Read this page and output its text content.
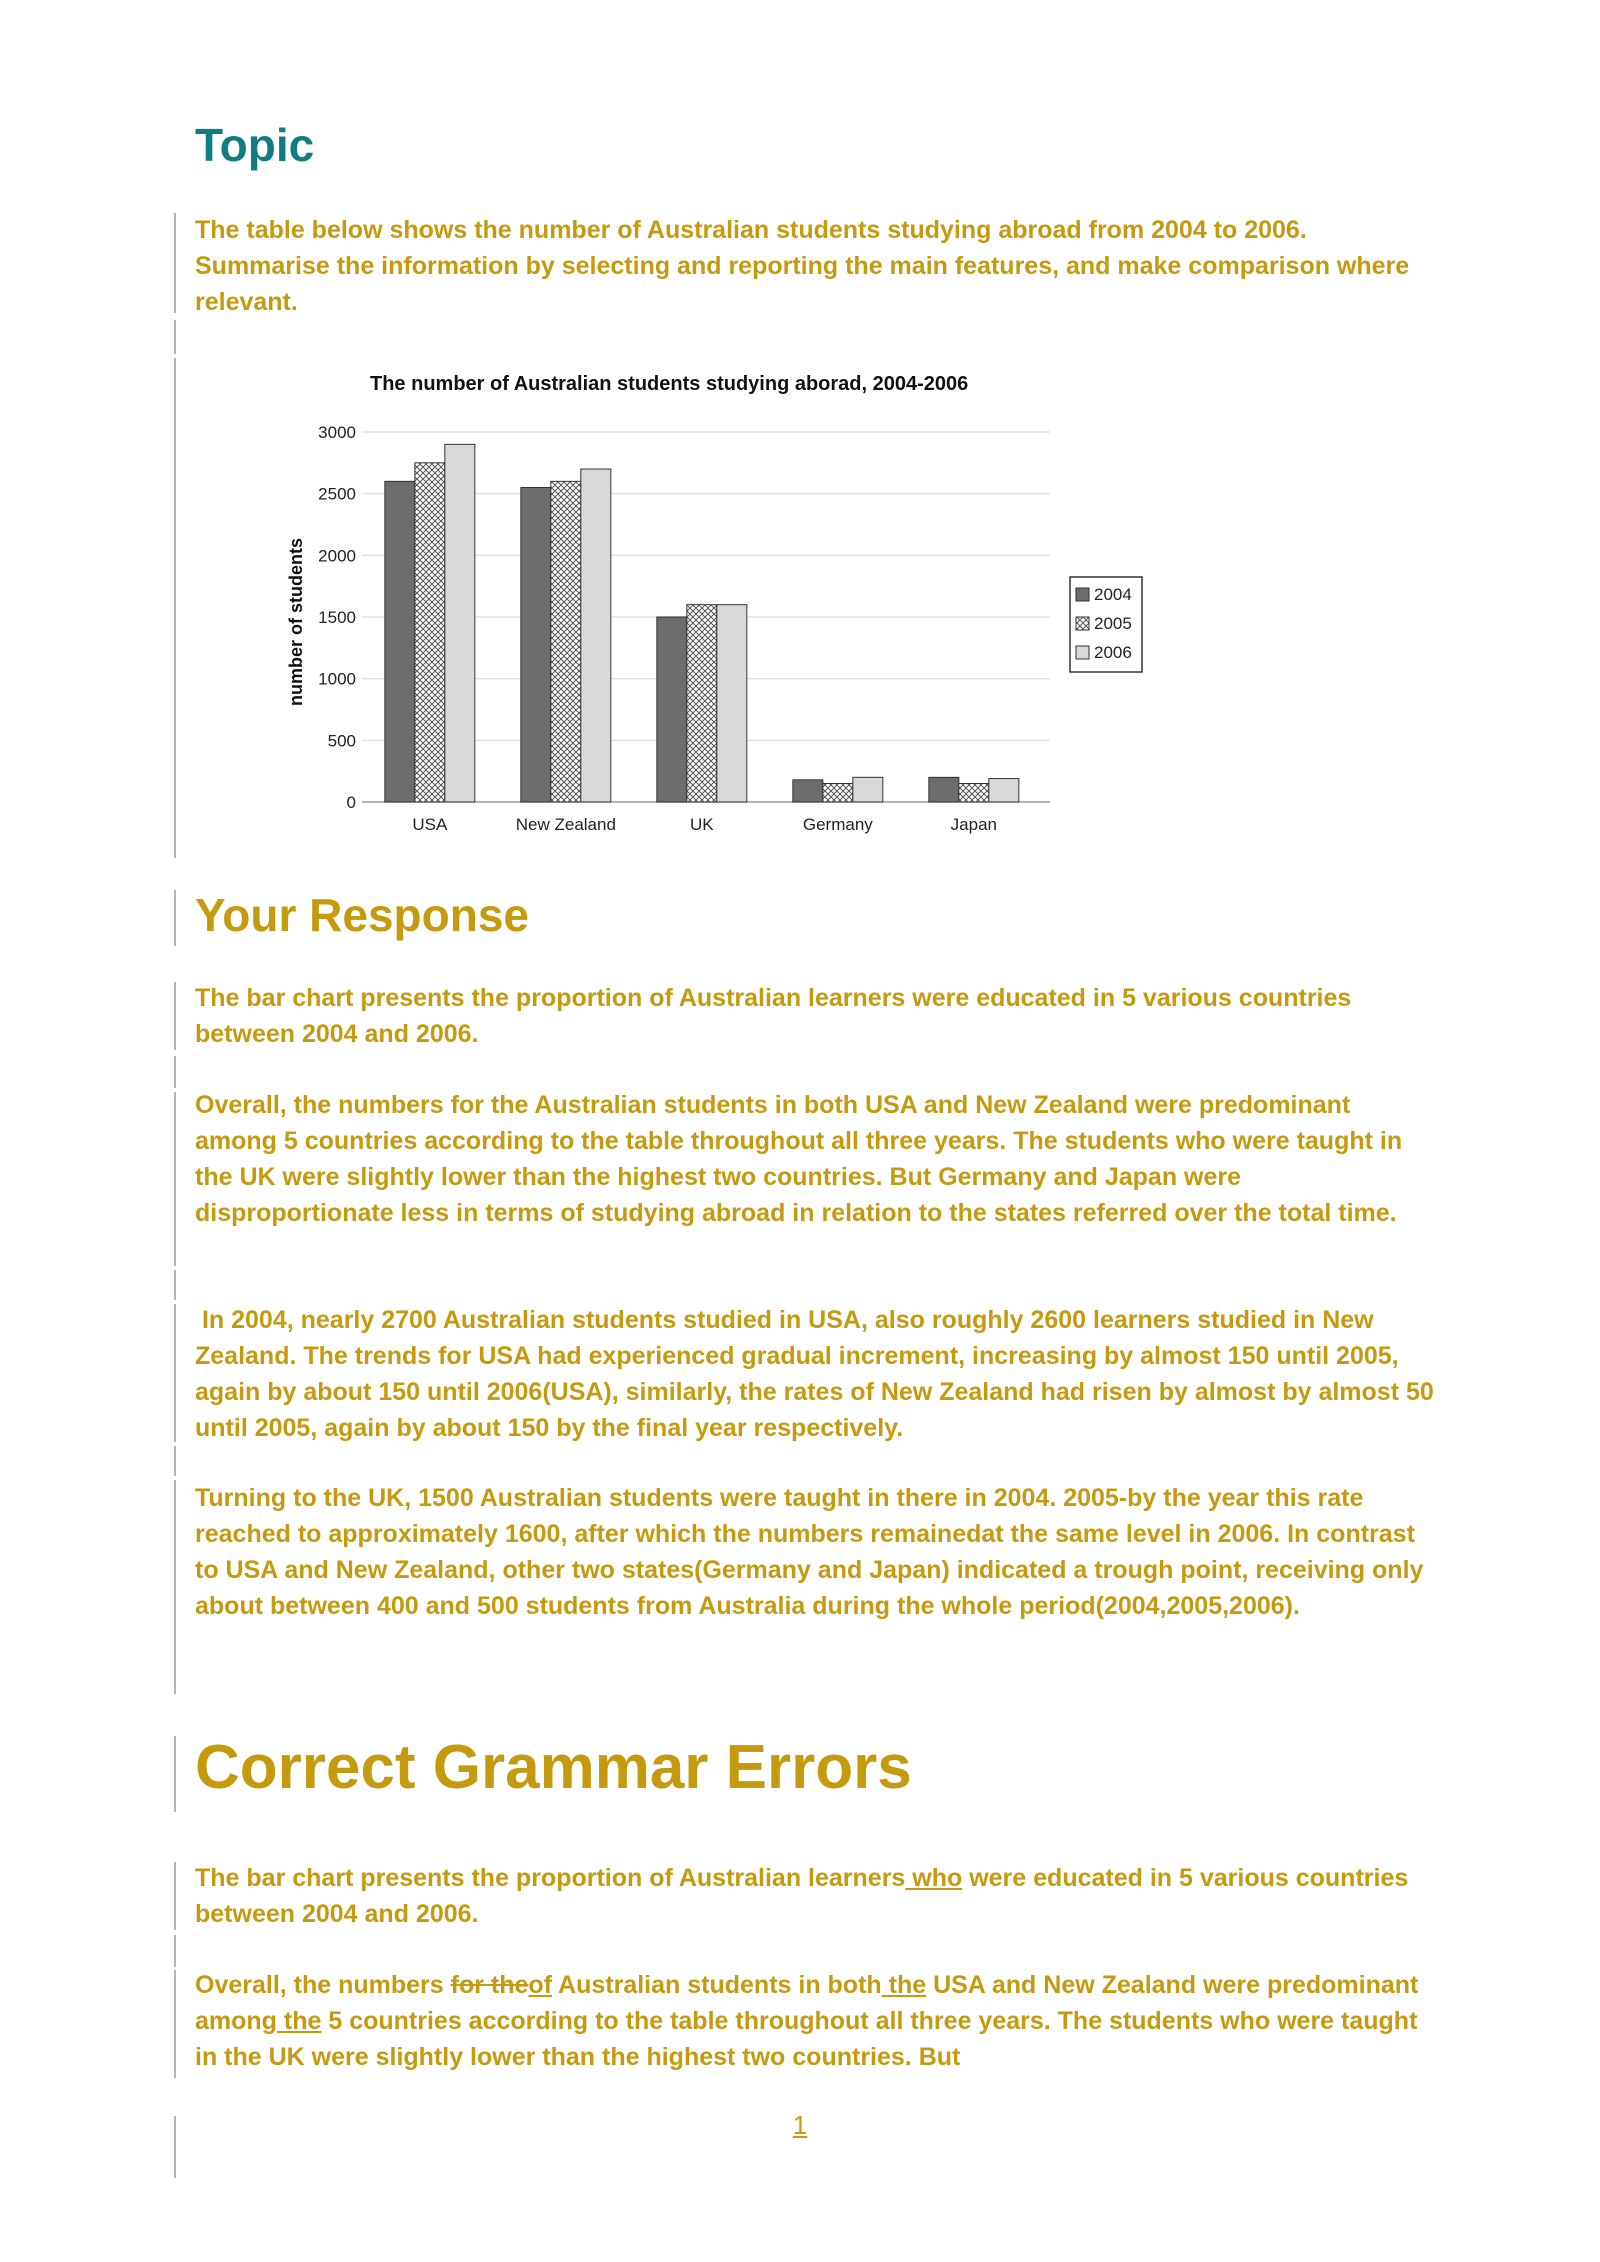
Topic

The table below shows the number of Australian students studying abroad from 2004 to 2006. Summarise the information by selecting and reporting the main features, and make comparison where relevant.

The number of Australian students studying aborad, 2004-2006
number of students
0
500
1000
1500
2000
2500
3000
USA	New Zealand	UK	Germany	Japan
2004
2005
2006
Your Response

The bar chart presents the proportion of Australian learners were educated in 5 various countries between 2004 and 2006.

Overall, the numbers for the Australian students in both USA and New Zealand were predominant among 5 countries according to the table throughout all three years. The students who were taught in the UK were slightly lower than the highest two countries. But Germany and Japan were disproportionate less in terms of studying abroad in relation to the states referred over the total time.

In 2004, nearly 2700 Australian students studied in USA, also roughly 2600 learners studied in New Zealand. The trends for USA had experienced gradual increment, increasing by almost 150 until 2005, again by about 150 until 2006(USA), similarly, the rates of New Zealand had risen by almost by almost 50 until 2005, again by about 150 by the final year respectively.

Turning to the UK, 1500 Australian students were taught in there in 2004. 2005-by the year this rate reached to approximately 1600, after which the numbers remainedat the same level in 2006. In contrast to USA and New Zealand, other two states(Germany and Japan) indicated a trough point, receiving only about between 400 and 500 students from Australia during the whole period(2004,2005,2006).

Correct Grammar Errors

The bar chart presents the proportion of Australian learners who were educated in 5 various countries between 2004 and 2006.

Overall, the numbers for theof Australian students in both the USA and New Zealand were predominant among the 5 countries according to the table throughout all three years. The students who were taught in the UK were slightly lower than the highest two countries. But

1
